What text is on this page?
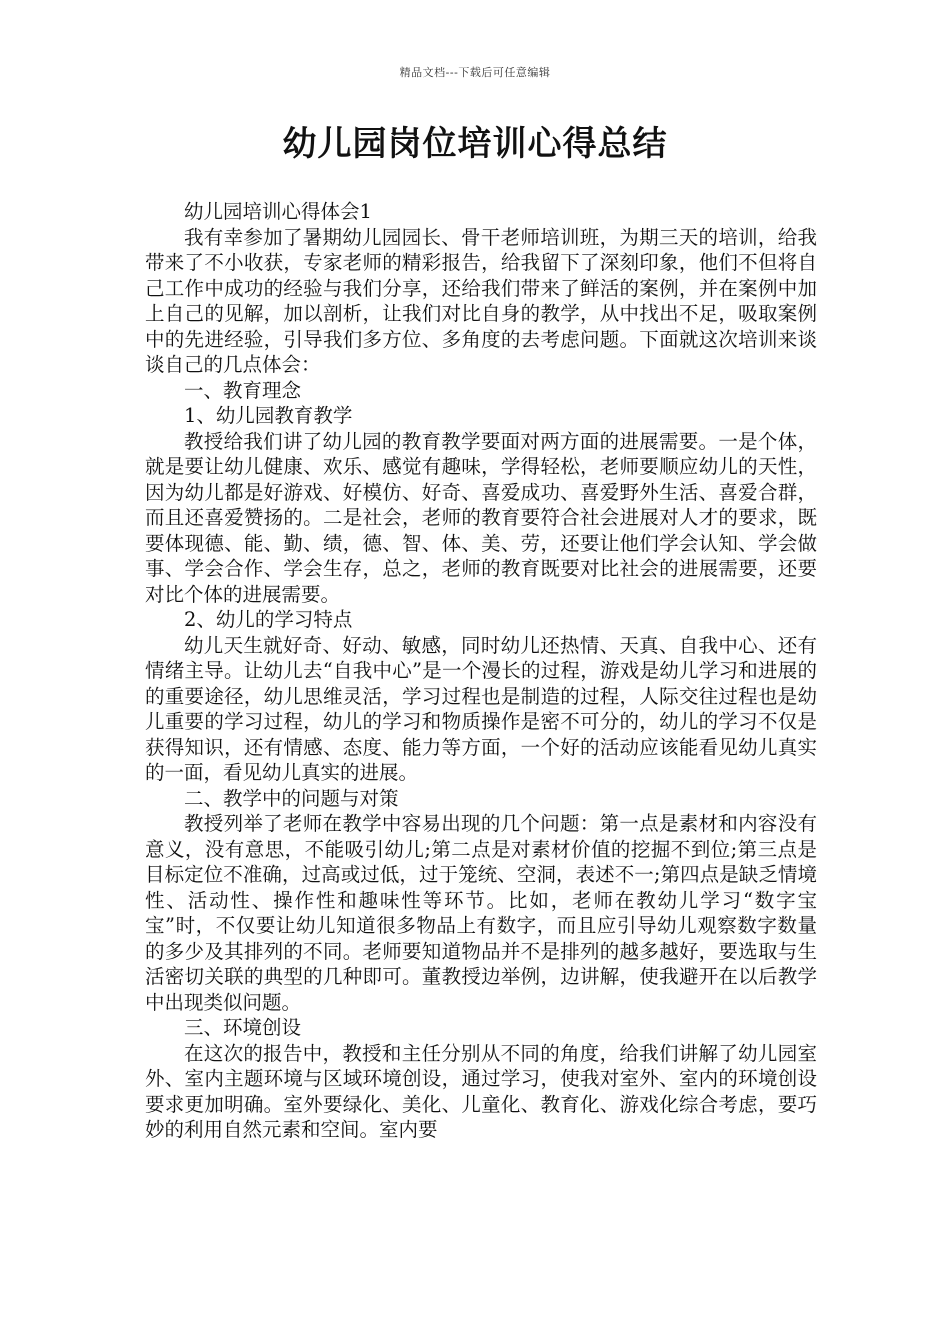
精品文档---下载后可任意编辑
幼儿园岗位培训心得总结

幼儿园培训心得体会1

我有幸参加了暑期幼儿园园长、骨干老师培训班，为期三天的培训，给我带来了不小收获，专家老师的精彩报告，给我留下了深刻印象，他们不但将自己工作中成功的经验与我们分享，还给我们带来了鲜活的案例，并在案例中加上自己的见解，加以剖析，让我们对比自身的教学，从中找出不足，吸取案例中的先进经验，引导我们多方位、多角度的去考虑问题。下面就这次培训来谈谈自己的几点体会：

一、教育理念

1、幼儿园教育教学

教授给我们讲了幼儿园的教育教学要面对两方面的进展需要。一是个体，就是要让幼儿健康、欢乐、感觉有趣味，学得轻松，老师要顺应幼儿的天性，因为幼儿都是好游戏、好模仿、好奇、喜爱成功、喜爱野外生活、喜爱合群，而且还喜爱赞扬的。二是社会，老师的教育要符合社会进展对人才的要求，既要体现德、能、勤、绩，德、智、体、美、劳，还要让他们学会认知、学会做事、学会合作、学会生存，总之，老师的教育既要对比社会的进展需要，还要对比个体的进展需要。

2、幼儿的学习特点

幼儿天生就好奇、好动、敏感，同时幼儿还热情、天真、自我中心、还有情绪主导。让幼儿去“自我中心”是一个漫长的过程，游戏是幼儿学习和进展的的重要途径，幼儿思维灵活，学习过程也是制造的过程，人际交往过程也是幼儿重要的学习过程，幼儿的学习和物质操作是密不可分的，幼儿的学习不仅是获得知识，还有情感、态度、能力等方面，一个好的活动应该能看见幼儿真实的一面，看见幼儿真实的进展。

二、教学中的问题与对策

教授列举了老师在教学中容易出现的几个问题：第一点是素材和内容没有意义，没有意思，不能吸引幼儿;第二点是对素材价值的挖掘不到位;第三点是目标定位不准确，过高或过低，过于笼统、空洞，表述不一;第四点是缺乏情境性、活动性、操作性和趣味性等环节。比如，老师在教幼儿学习“数字宝宝”时，不仅要让幼儿知道很多物品上有数字，而且应引导幼儿观察数字数量的多少及其排列的不同。老师要知道物品并不是排列的越多越好，要选取与生活密切关联的典型的几种即可。董教授边举例，边讲解，使我避开在以后教学中出现类似问题。

三、环境创设

在这次的报告中，教授和主任分别从不同的角度，给我们讲解了幼儿园室外、室内主题环境与区域环境创设，通过学习，使我对室外、室内的环境创设要求更加明确。室外要绿化、美化、儿童化、教育化、游戏化综合考虑，要巧妙的利用自然元素和空间。室内要
